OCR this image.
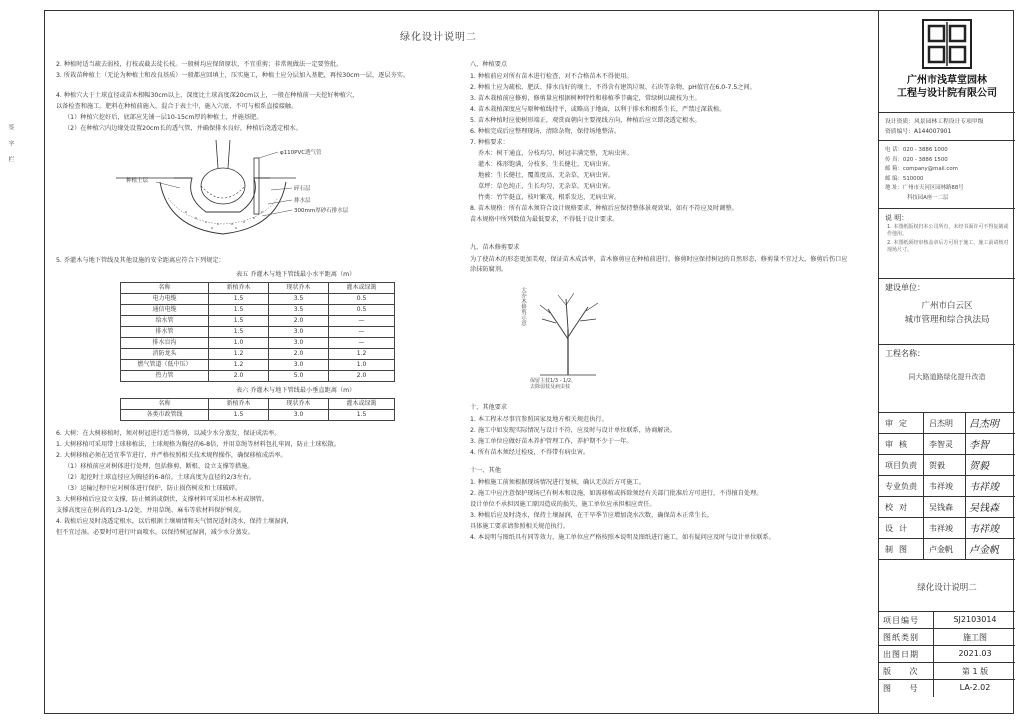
签
字
栏
绿化设计说明二
2. 种植时适当疏去弱枝，打枝或截去徒长枝。一般树均应保留原状，不宜重剪；非常规做法一定要签批。
3. 所栽苗种植土（无论为种植土和改良基质）一般都应回填土，压实施工，种植土应分层加入基肥，再按30cm一层，逐层夯实。
4. 种植穴大于土球直径或苗木根幅30cm以上，深度比土球高度深20cm以上，一般在种植前一天挖好种植穴，
以备检查和施工。肥料在种植前施入，混合于表土中，施入穴底，不可与根系直接接触。
（1）种植穴挖好后，底部应先铺一层10-15cm厚的种植土，并施基肥。
（2）在种植穴内边缘处设置20cm长的透气管，并确保排水良好，种植后浇透定根水。
φ110PVC透气管
种植土层
碎石层
排水层
300mm厚砂石排水层
5. 乔灌木与地下管线及其他设施的安全距离应符合下列规定：
表五 乔灌木与地下管线最小水平距离（m）
名称	新植乔木	现状乔木	灌木或绿篱
电力电缆	1.5	3.5	0.5
通信电缆	1.5	3.5	0.5
给水管	1.5	2.0	—
排水管	1.5	3.0	—
排水盲沟	1.0	3.0	—
消防龙头	1.2	2.0	1.2
燃气管道（低中压）	1.2	3.0	1.0
热力管	2.0	5.0	2.0
表六 乔灌木与地下管线最小垂直距离（m）
名称	新植乔木	现状乔木	灌木或绿篱
各类市政管线	1.5	3.0	1.5
6. 大树：在大树移植时，须对树冠进行适当修剪，以减少水分蒸发，保证成活率。
1. 大树移植可采用带土球移植法，土球规格为胸径的6-8倍，并用草绳等材料包扎牢固，防止土球松散。
2. 大树移植必须在适宜季节进行，并严格按照相关技术规程操作，确保移植成活率。
（1）移植前应对树体进行处理，包括修剪、断根、设立支撑等措施。
（2）起挖时土球直径应为胸径的6-8倍，土球高度为直径的2/3左右。
（3）运输过程中应对树体进行保护，防止损伤树皮和土球破碎。
3. 大树移植后应设立支撑，防止倾斜或倒伏，支撑材料可采用杉木桩或钢管。
支撑高度应在树高的1/3-1/2处，并用草绳、麻布等软材料保护树皮。
4. 栽植后应及时浇透定根水，以后根据土壤墒情和天气情况适时浇水，保持土壤湿润，
但不宜过湿。必要时可进行叶面喷水，以保持树冠湿润，减少水分蒸发。
八、种植要点
1. 种植前应对所有苗木进行检查，对不合格苗木不得使用。
2. 种植土应为疏松、肥沃、排水良好的壤土，不得含有建筑垃圾、石块等杂物，pH值宜在6.0-7.5之间。
3. 苗木栽植前应修剪，修剪量应根据树种特性和移植季节确定，常绿树以疏枝为主。
4. 苗木栽植深度应与原种植线持平，或略高于地面，以利于排水和根系生长，严禁过深栽植。
5. 苗木种植时应使树形端正，观赏面朝向主要视线方向，种植后应立即浇透定根水。
6. 种植完成后应整理现场，清除杂物，保持场地整洁。
7. 种植要求：
乔木：树干通直，分枝均匀，树冠丰满完整，无病虫害。
灌木：株形饱满，分枝多，生长健壮，无病虫害。
地被：生长健壮，覆盖度高，无杂草，无病虫害。
草坪：草色纯正，生长均匀，无杂草，无病虫害。
竹类：竹竿挺直，枝叶繁茂，根系发达，无病虫害。
8. 苗木规格：所有苗木须符合设计规格要求，种植后应保持整体景观效果，如有不符应及时调整。
苗木规格中所列数值为最低要求，不得低于设计要求。
九、苗木修剪要求
为了使苗木的形态更加美观，保证苗木成活率，苗木修剪应在种植前进行，修剪时应保持树冠的自然形态，修剪量不宜过大，修剪后伤口应涂抹防腐剂。
大乔木修剪示意
保留主枝1/3 - 1/2，
去除弱枝及病虫枝
十、其他要求
1. 本工程未尽事宜参照国家及地方相关规范执行。
2. 施工中如发现实际情况与设计不符，应及时与设计单位联系，协商解决。
3. 施工单位应做好苗木养护管理工作，养护期不少于一年。
4. 所有苗木须经过检疫，不得带有病虫害。
十一、其他
1. 种植施工前须根据现场情况进行复核，确认无误后方可施工。
2. 施工中应注意保护现场已有树木和设施，如需移植或拆除须经有关部门批准后方可进行，不得擅自处理。
设计单位不承担因施工原因造成的损失，施工单位应承担相应责任。
3. 种植后应及时浇水，保持土壤湿润，在干旱季节应增加浇水次数，确保苗木正常生长。
具体施工要求请参照相关规范执行。
4. 本说明与图纸具有同等效力，施工单位应严格按照本说明及图纸进行施工，如有疑问应及时与设计单位联系。
广州市浅草堂园林
工程与设计院有限公司
设计资质：风景园林工程设计专项甲级
资质编号：A144007901
电 话：020 - 3886 1000
传 真：020 - 3886 1500
邮 箱：company@mail.com
邮 编：510000
地 址：广州市天河区园林路88号
科技园A座一二层
说 明：
1. 本图纸版权归本公司所有，未经书面许可不得复制或作他用。
2. 本图纸须经审核盖章后方可用于施工，施工前请核对现场尺寸。
建设单位：
广州市白云区
城市管理和综合执法局
工程名称：
同大路道路绿化提升改造
审定 吕杰明 吕杰明
审核 李智灵 李智
项目负责 贺毅 贺毅
专业负责 韦祥竣 韦祥竣
校对 吴钱森 吴钱森
设计 韦祥竣 韦祥竣
制图 卢金帆 卢金帆
绿化设计说明二
项目编号	SJ2103014
图纸类别	施工图
出图日期	2021.03
版 次	第 1 版
图 号	LA-2.02
